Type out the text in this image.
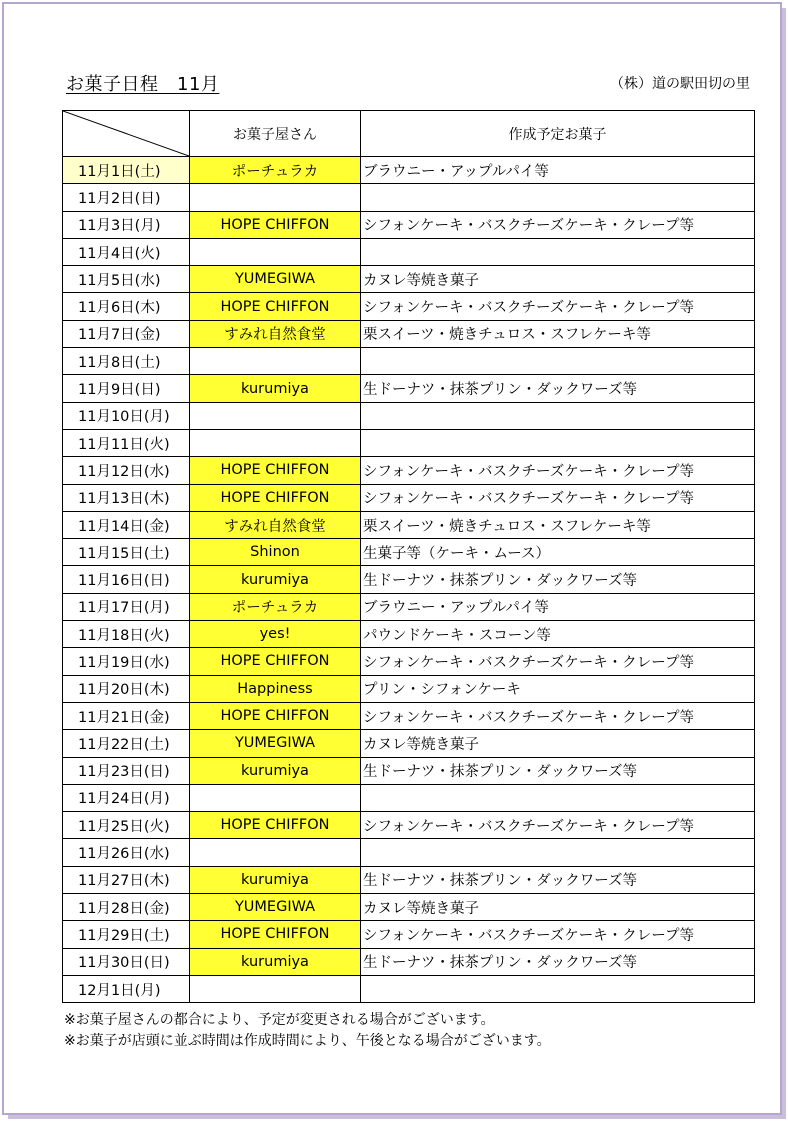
お菓子日程　11月	（株）道の駅田切の里
	お菓子屋さん	作成予定お菓子
11月1日(土)	ポーチュラカ	ブラウニー・アップルパイ等
11月2日(日)		
11月3日(月)	HOPE CHIFFON	シフォンケーキ・バスクチーズケーキ・クレープ等
11月4日(火)		
11月5日(水)	YUMEGIWA	カヌレ等焼き菓子
11月6日(木)	HOPE CHIFFON	シフォンケーキ・バスクチーズケーキ・クレープ等
11月7日(金)	すみれ自然食堂	栗スイーツ・焼きチュロス・スフレケーキ等
11月8日(土)		
11月9日(日)	kurumiya	生ドーナツ・抹茶プリン・ダックワーズ等
11月10日(月)		
11月11日(火)		
11月12日(水)	HOPE CHIFFON	シフォンケーキ・バスクチーズケーキ・クレープ等
11月13日(木)	HOPE CHIFFON	シフォンケーキ・バスクチーズケーキ・クレープ等
11月14日(金)	すみれ自然食堂	栗スイーツ・焼きチュロス・スフレケーキ等
11月15日(土)	Shinon	生菓子等（ケーキ・ムース）
11月16日(日)	kurumiya	生ドーナツ・抹茶プリン・ダックワーズ等
11月17日(月)	ポーチュラカ	ブラウニー・アップルパイ等
11月18日(火)	yes!	パウンドケーキ・スコーン等
11月19日(水)	HOPE CHIFFON	シフォンケーキ・バスクチーズケーキ・クレープ等
11月20日(木)	Happiness	プリン・シフォンケーキ
11月21日(金)	HOPE CHIFFON	シフォンケーキ・バスクチーズケーキ・クレープ等
11月22日(土)	YUMEGIWA	カヌレ等焼き菓子
11月23日(日)	kurumiya	生ドーナツ・抹茶プリン・ダックワーズ等
11月24日(月)		
11月25日(火)	HOPE CHIFFON	シフォンケーキ・バスクチーズケーキ・クレープ等
11月26日(水)		
11月27日(木)	kurumiya	生ドーナツ・抹茶プリン・ダックワーズ等
11月28日(金)	YUMEGIWA	カヌレ等焼き菓子
11月29日(土)	HOPE CHIFFON	シフォンケーキ・バスクチーズケーキ・クレープ等
11月30日(日)	kurumiya	生ドーナツ・抹茶プリン・ダックワーズ等
12月1日(月)		
※お菓子屋さんの都合により、予定が変更される場合がございます。
※お菓子が店頭に並ぶ時間は作成時間により、午後となる場合がございます。
